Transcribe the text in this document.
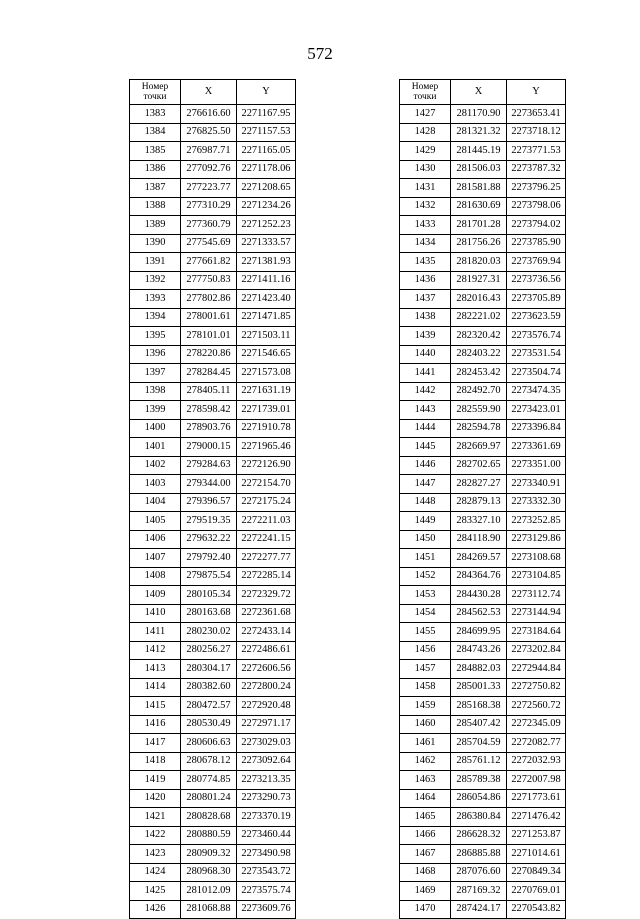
572
Номер
точки	X	Y
1383	276616.60	2271167.95
1384	276825.50	2271157.53
1385	276987.71	2271165.05
1386	277092.76	2271178.06
1387	277223.77	2271208.65
1388	277310.29	2271234.26
1389	277360.79	2271252.23
1390	277545.69	2271333.57
1391	277661.82	2271381.93
1392	277750.83	2271411.16
1393	277802.86	2271423.40
1394	278001.61	2271471.85
1395	278101.01	2271503.11
1396	278220.86	2271546.65
1397	278284.45	2271573.08
1398	278405.11	2271631.19
1399	278598.42	2271739.01
1400	278903.76	2271910.78
1401	279000.15	2271965.46
1402	279284.63	2272126.90
1403	279344.00	2272154.70
1404	279396.57	2272175.24
1405	279519.35	2272211.03
1406	279632.22	2272241.15
1407	279792.40	2272277.77
1408	279875.54	2272285.14
1409	280105.34	2272329.72
1410	280163.68	2272361.68
1411	280230.02	2272433.14
1412	280256.27	2272486.61
1413	280304.17	2272606.56
1414	280382.60	2272800.24
1415	280472.57	2272920.48
1416	280530.49	2272971.17
1417	280606.63	2273029.03
1418	280678.12	2273092.64
1419	280774.85	2273213.35
1420	280801.24	2273290.73
1421	280828.68	2273370.19
1422	280880.59	2273460.44
1423	280909.32	2273490.98
1424	280968.30	2273543.72
1425	281012.09	2273575.74
1426	281068.88	2273609.76
Номер
точки	X	Y
1427	281170.90	2273653.41
1428	281321.32	2273718.12
1429	281445.19	2273771.53
1430	281506.03	2273787.32
1431	281581.88	2273796.25
1432	281630.69	2273798.06
1433	281701.28	2273794.02
1434	281756.26	2273785.90
1435	281820.03	2273769.94
1436	281927.31	2273736.56
1437	282016.43	2273705.89
1438	282221.02	2273623.59
1439	282320.42	2273576.74
1440	282403.22	2273531.54
1441	282453.42	2273504.74
1442	282492.70	2273474.35
1443	282559.90	2273423.01
1444	282594.78	2273396.84
1445	282669.97	2273361.69
1446	282702.65	2273351.00
1447	282827.27	2273340.91
1448	282879.13	2273332.30
1449	283327.10	2273252.85
1450	284118.90	2273129.86
1451	284269.57	2273108.68
1452	284364.76	2273104.85
1453	284430.28	2273112.74
1454	284562.53	2273144.94
1455	284699.95	2273184.64
1456	284743.26	2273202.84
1457	284882.03	2272944.84
1458	285001.33	2272750.82
1459	285168.38	2272560.72
1460	285407.42	2272345.09
1461	285704.59	2272082.77
1462	285761.12	2272032.93
1463	285789.38	2272007.98
1464	286054.86	2271773.61
1465	286380.84	2271476.42
1466	286628.32	2271253.87
1467	286885.88	2271014.61
1468	287076.60	2270849.34
1469	287169.32	2270769.01
1470	287424.17	2270543.82
